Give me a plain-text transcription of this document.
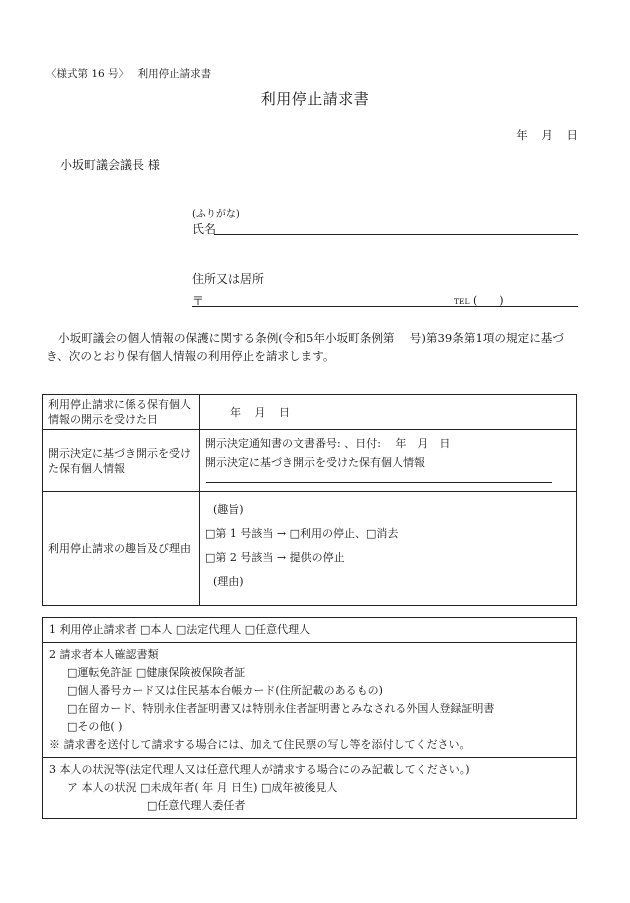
〈様式第 16 号〉　 利用停止請求書
利用停止請求書
年 月 日
小坂町議会議長 様
(ふりがな)
氏名
住所又は居所
〒	TEL (　　)
小坂町議会の個人情報の保護に関する条例(令和5年小坂町条例第　 号)第39条第1項の規定に基づき、次のとおり保有個人情報の利用停止を請求します。
利用停止請求に係る保有個人情報の開示を受けた日	年 月 日
開示決定に基づき開示を受けた保有個人情報	開示決定通知書の文書番号: 、日付:　 年　月　日
開示決定に基づき開示を受けた保有個人情報

利用停止請求の趣旨及び理由	(趣旨)
□第 1 号該当 → □利用の停止、□消去
□第 2 号該当 → 提供の停止
(理由)
1 利用停止請求者 □本人 □法定代理人 □任意代理人
2 請求者本人確認書類
□運転免許証 □健康保険被保険者証
□個人番号カード又は住民基本台帳カード(住所記載のあるもの)
□在留カード、特別永住者証明書又は特別永住者証明書とみなされる外国人登録証明書
□その他( )
※ 請求書を送付して請求する場合には、加えて住民票の写し等を添付してください。
3 本人の状況等(法定代理人又は任意代理人が請求する場合にのみ記載してください。)
ア 本人の状況 □未成年者( 年 月 日生) □成年被後見人
□任意代理人委任者
